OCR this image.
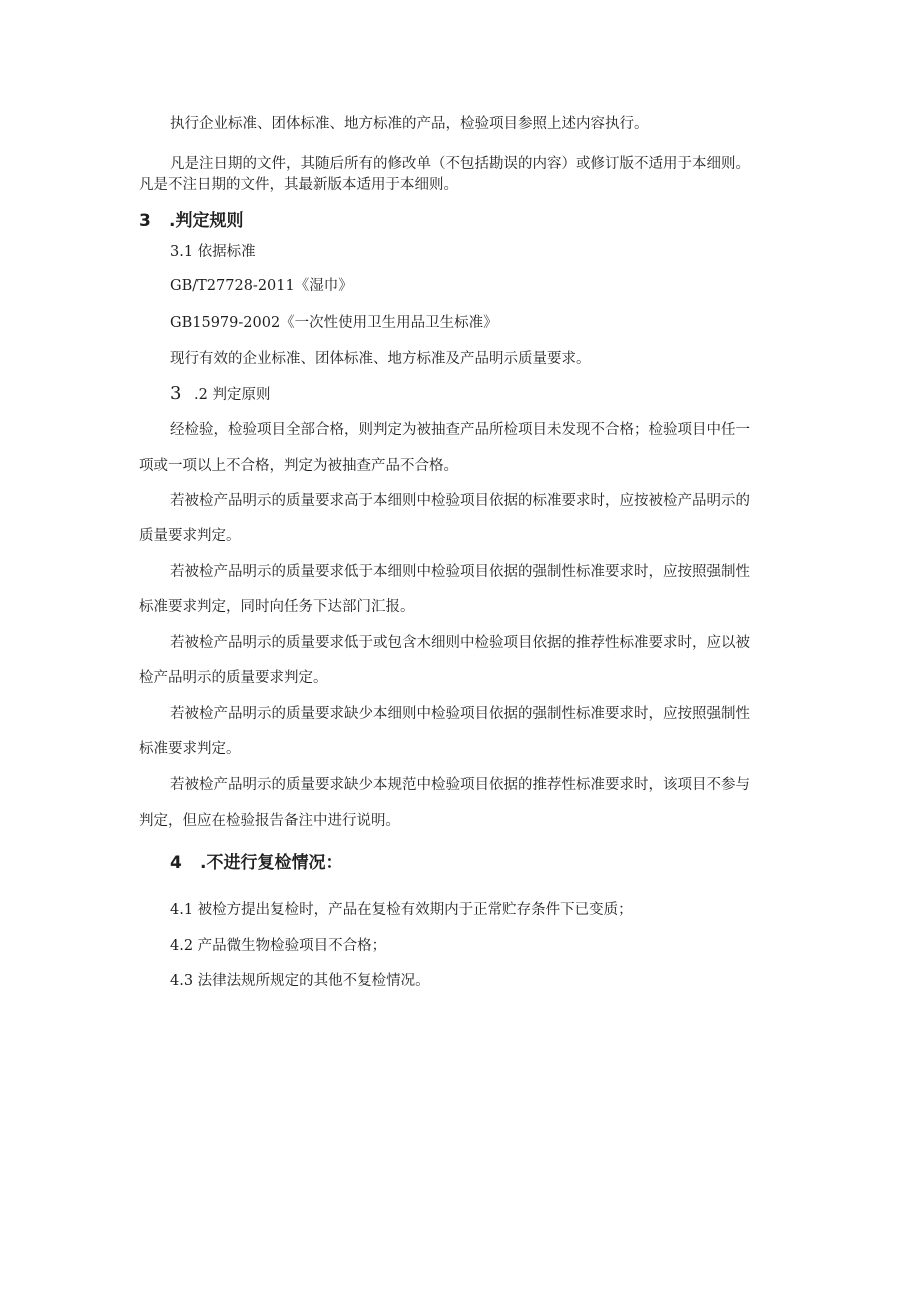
执行企业标准、团体标准、地方标准的产品，检验项目参照上述内容执行。
凡是注日期的文件，其随后所有的修改单（不包括勘误的内容）或修订版不适用于本细则。
凡是不注日期的文件，其最新版本适用于本细则。
3 .判定规则
3.1 依据标准
GB/T27728-2011《湿巾》
GB15979-2002《一次性使用卫生用品卫生标准》
现行有效的企业标准、团体标准、地方标准及产品明示质量要求。
3 .2 判定原则
经检验，检验项目全部合格，则判定为被抽查产品所检项目未发现不合格；检验项目中任一
项或一项以上不合格，判定为被抽查产品不合格。
若被检产品明示的质量要求高于本细则中检验项目依据的标准要求时，应按被检产品明示的
质量要求判定。
若被检产品明示的质量要求低于本细则中检验项目依据的强制性标准要求时，应按照强制性
标准要求判定，同时向任务下达部门汇报。
若被检产品明示的质量要求低于或包含木细则中检验项目依据的推荐性标准要求时，应以被
检产品明示的质量要求判定。
若被检产品明示的质量要求缺少本细则中检验项目依据的强制性标准要求时，应按照强制性
标准要求判定。
若被检产品明示的质量要求缺少本规范中检验项目依据的推荐性标准要求时，该项目不参与
判定，但应在检验报告备注中进行说明。
4 .不进行复检情况：
4.1 被检方提出复检时，产品在复检有效期内于正常贮存条件下已变质；
4.2 产品微生物检验项目不合格；
4.3 法律法规所规定的其他不复检情况。
